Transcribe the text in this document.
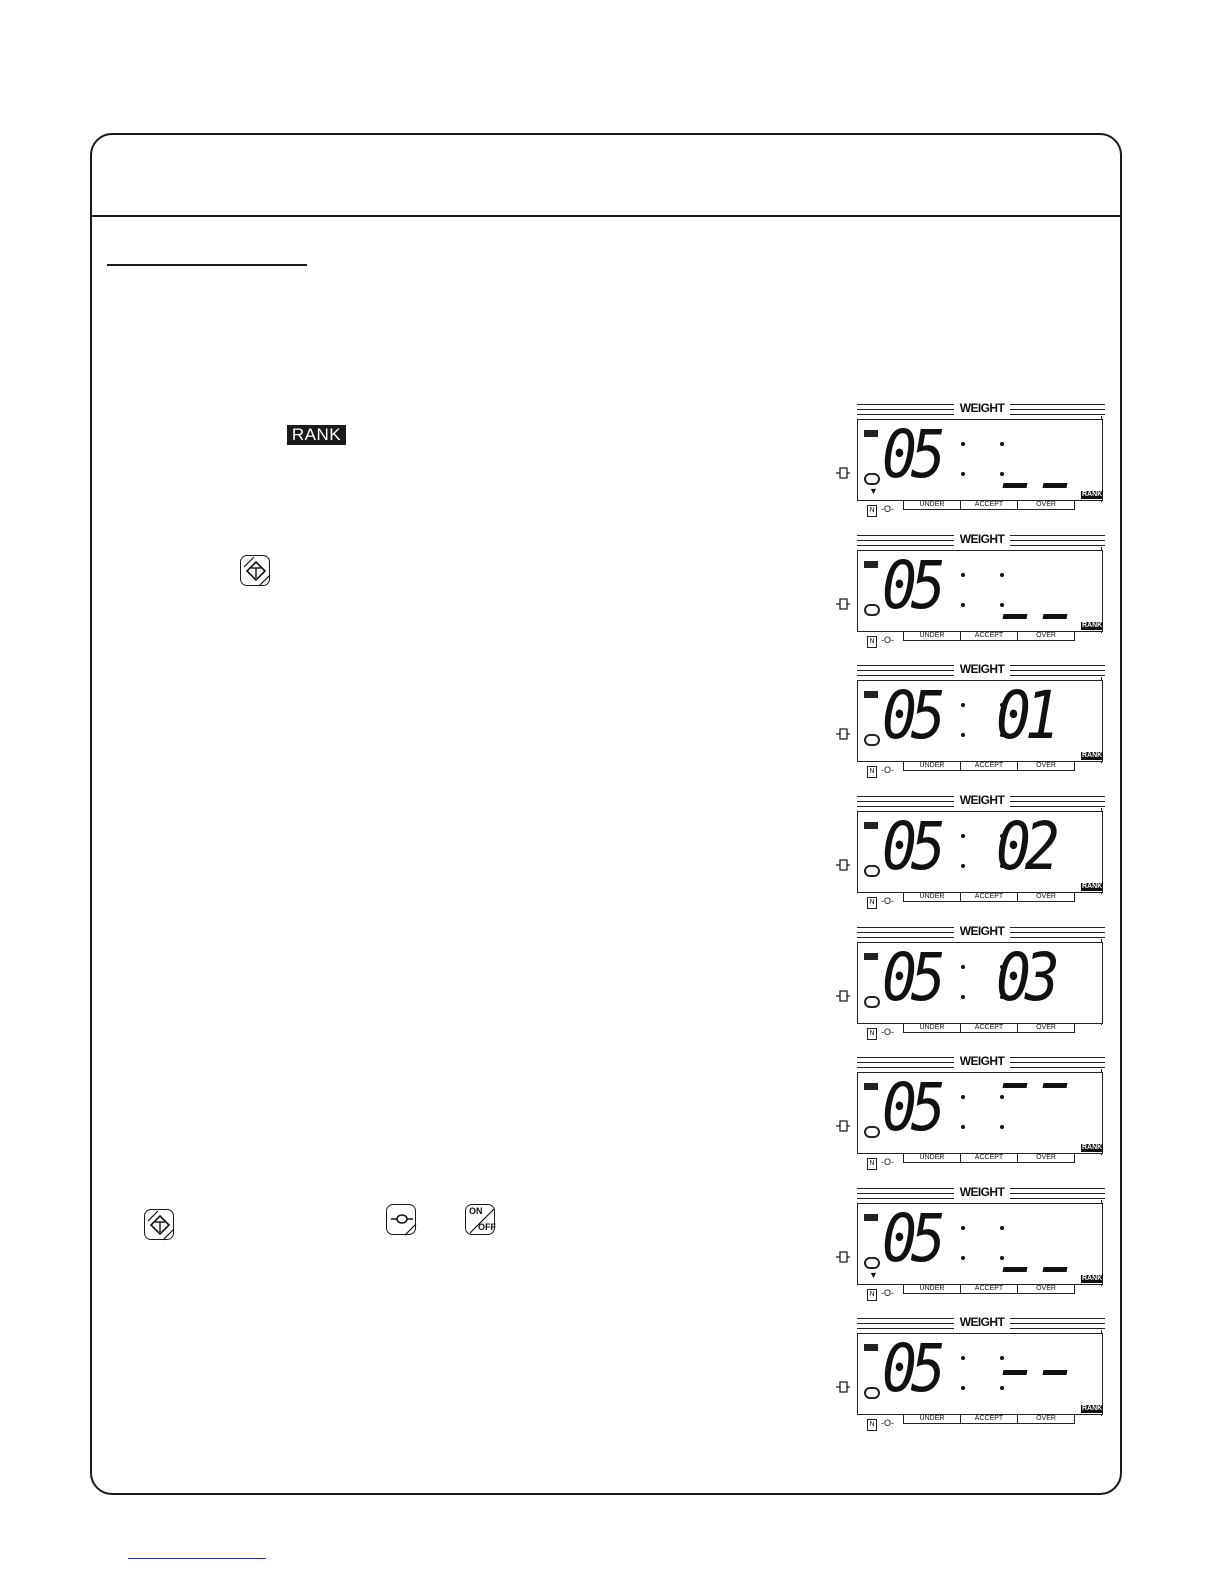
RANK
ON
OFF
WEIGHT
▼ 05
RANK
N -O-	UNDER	ACCEPT	OVER
WEIGHT
05
RANK
N -O-	UNDER	ACCEPT	OVER
WEIGHT
05 01
RANK
N -O-	UNDER	ACCEPT	OVER
WEIGHT
05 02
RANK
N -O-	UNDER	ACCEPT	OVER
WEIGHT
05 03
N -O-	UNDER	ACCEPT	OVER
WEIGHT
05
RANK
N -O-	UNDER	ACCEPT	OVER
WEIGHT
▼ 05
RANK
N -O-	UNDER	ACCEPT	OVER
WEIGHT
05
RANK
N -O-	UNDER	ACCEPT	OVER
